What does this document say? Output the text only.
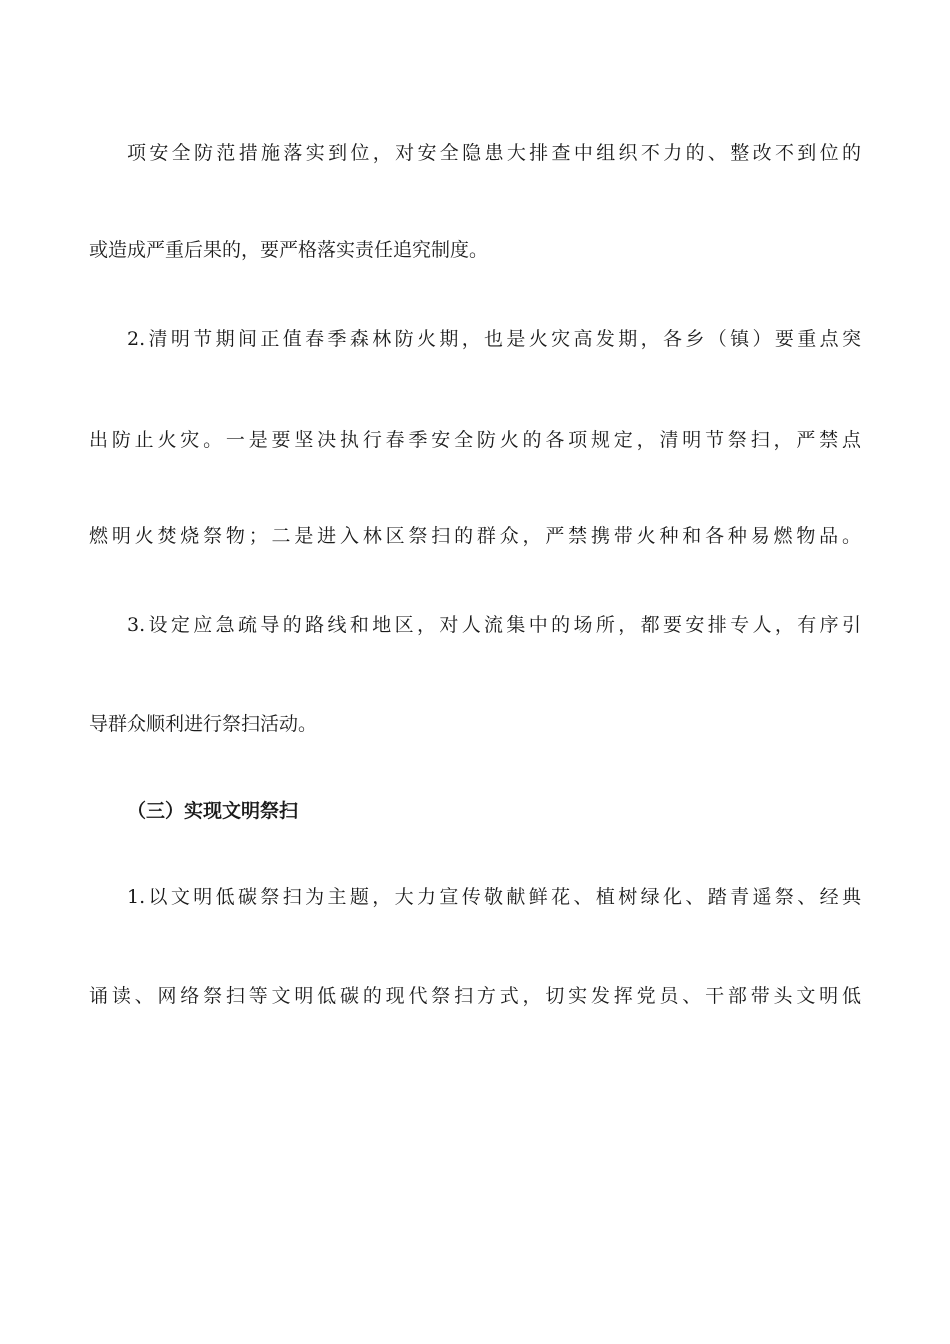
项安全防范措施落实到位，对安全隐患大排查中组织不力的、整改不到位的
或造成严重后果的，要严格落实责任追究制度。
2.清明节期间正值春季森林防火期，也是火灾高发期，各乡（镇）要重点突
出防止火灾。一是要坚决执行春季安全防火的各项规定，清明节祭扫，严禁点
燃明火焚烧祭物；二是进入林区祭扫的群众，严禁携带火种和各种易燃物品。
3.设定应急疏导的路线和地区，对人流集中的场所，都要安排专人，有序引
导群众顺利进行祭扫活动。
（三）实现文明祭扫
1.以文明低碳祭扫为主题，大力宣传敬献鲜花、植树绿化、踏青遥祭、经典
诵读、网络祭扫等文明低碳的现代祭扫方式，切实发挥党员、干部带头文明低
